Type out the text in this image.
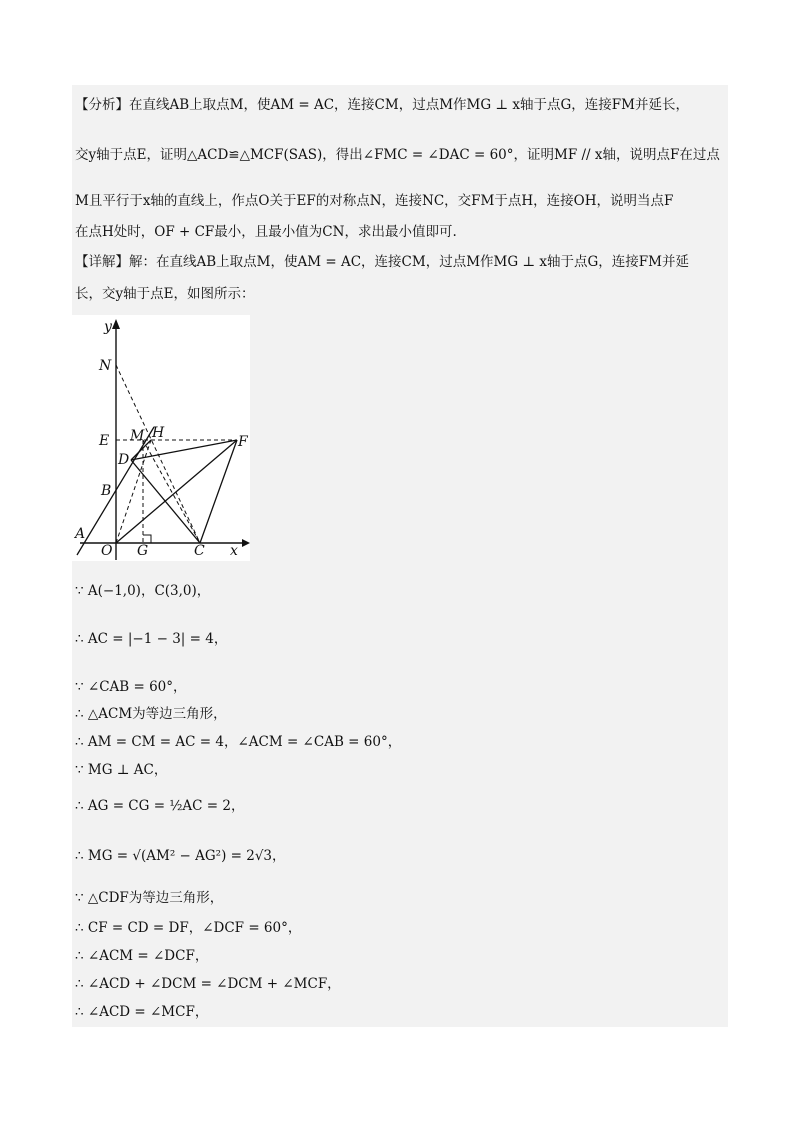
【分析】在直线AB上取点M，使AM = AC，连接CM，过点M作MG ⊥ x轴于点G，连接FM并延长，
交y轴于点E，证明△ACD≌△MCF(SAS)，得出∠FMC = ∠DAC = 60°，证明MF // x轴，说明点F在过点
M且平行于x轴的直线上，作点O关于EF的对称点N，连接NC，交FM于点H，连接OH，说明当点F
在点H处时，OF + CF最小，且最小值为CN，求出最小值即可.
【详解】解：在直线AB上取点M，使AM = AC，连接CM，过点M作MG ⊥ x轴于点G，连接FM并延
长，交y轴于点E，如图所示：
y
x
N
E M H
F
D
B
A
O G	C
∵ A(−1,0)，C(3,0)，
∴ AC = |−1 − 3| = 4，
∵ ∠CAB = 60°，
∴ △ACM为等边三角形，
∴ AM = CM = AC = 4，∠ACM = ∠CAB = 60°，
∵ MG ⊥ AC，
∴ AG = CG = ½AC = 2，
∴ MG = √(AM² − AG²) = 2√3，
∵ △CDF为等边三角形，
∴ CF = CD = DF，∠DCF = 60°，
∴ ∠ACM = ∠DCF，
∴ ∠ACD + ∠DCM = ∠DCM + ∠MCF，
∴ ∠ACD = ∠MCF，
